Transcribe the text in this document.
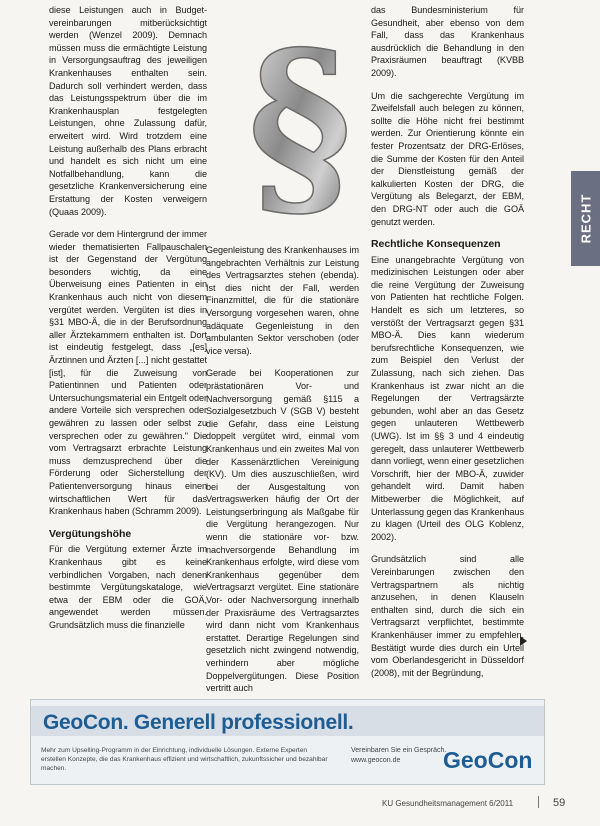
diese Leistungen auch in Budget-vereinbarungen mitberücksichtigt werden (Wenzel 2009). Demnach müssen muss die ermächtigte Leistung in Versorgungsauftrag des jeweiligen Krankenhauses enthalten sein. Dadurch soll verhindert werden, dass das Leistungsspektrum über die im Krankenhausplan festgelegten Leistungen, ohne Zulassung dafür, erweitert wird. Wird trotzdem eine Leistung außerhalb des Plans erbracht und handelt es sich nicht um eine Notfallbehandlung, kann die gesetzliche Krankenversicherung eine Erstattung der Kosten verweigern (Quaas 2009).

Gerade vor dem Hintergrund der immer wieder thematisierten Fallpauschalen ist der Gegenstand der Vergütung besonders wichtig, da eine Überweisung eines Patienten in ein Krankenhaus auch nicht von diesem vergütet werden. Vergüten ist dies in §31 MBO-Ä, die in der Berufsordnung aller Ärztekammern enthalten ist. Dort ist eindeutig festgelegt, dass „[es] Ärztinnen und Ärzten [...] nicht gestattet [ist], für die Zuweisung von Patientinnen und Patienten oder Untersuchungsmaterial ein Entgelt oder andere Vorteile sich versprechen oder gewähren zu lassen oder selbst zu versprechen oder zu gewähren." Die vom Vertragsarzt erbrachte Leistung muss demzusprechend über die Förderung oder Sicherstellung der Patientenversorgung hinaus einen wirtschaftlichen Wert für das Krankenhaus haben (Schramm 2009).

Vergütungshöhe

Für die Vergütung externer Ärzte im Krankenhaus gibt es keine verbindlichen Vorgaben, nach denen bestimmte Vergütungskataloge, wie etwa der EBM oder die GOÄ, angewendet werden müssen. Grundsätzlich muss die finanzielle

§

Gegenleistung des Krankenhauses im angebrachten Verhältnis zur Leistung des Vertragsarztes stehen (ebenda). Ist dies nicht der Fall, werden Finanzmittel, die für die stationäre Versorgung vorgesehen waren, ohne adäquate Gegenleistung in den ambulanten Sektor verschoben (oder vice versa).

Gerade bei Kooperationen zur prästationären Vor- und Nachversorgung gemäß §115 a Sozialgesetzbuch V (SGB V) besteht die Gefahr, dass eine Leistung doppelt vergütet wird, einmal vom Krankenhaus und ein zweites Mal von der Kassenärztlichen Vereinigung (KV). Um dies auszuschließen, wird bei der Ausgestaltung von Vertragswerken häufig der Ort der Leistungserbringung als Maßgabe für die Vergütung herangezogen. Nur wenn die stationäre vor- bzw. nachversorgende Behandlung im Krankenhaus erfolgte, wird diese vom Krankenhaus gegenüber dem Vertragsarzt vergütet. Eine stationäre Vor- oder Nachversorgung innerhalb der Praxisräume des Vertragsarztes wird dann nicht vom Krankenhaus erstattet. Derartige Regelungen sind gesetzlich nicht zwingend notwendig, verhindern aber mögliche Doppelvergütungen. Diese Position vertritt auch

das Bundesministerium für Gesundheit, aber ebenso von dem Fall, dass das Krankenhaus ausdrücklich die Behandlung in den Praxisräumen beauftragt (KVBB 2009).

Um die sachgerechte Vergütung im Zweifelsfall auch belegen zu können, sollte die Höhe nicht frei bestimmt werden. Zur Orientierung könnte ein fester Prozentsatz der DRG-Erlöses, die Summe der Kosten für den Anteil der Dienstleistung gemäß der kalkulierten Kosten der DRG, die Vergütung als Belegarzt, der EBM, den DRG-NT oder auch die GOÄ genutzt werden.

Rechtliche Konsequenzen

Eine unangebrachte Vergütung von medizinischen Leistungen oder aber die reine Vergütung der Zuweisung von Patienten hat rechtliche Folgen. Handelt es sich um letzteres, so verstößt der Vertragsarzt gegen §31 MBO-Ä. Dies kann wiederum berufsrechtliche Konsequenzen, wie zum Beispiel den Verlust der Zulassung, nach sich ziehen. Das Krankenhaus ist zwar nicht an die Regelungen der Vertragsärzte gebunden, wohl aber an das Gesetz gegen unlauteren Wettbewerb (UWG). Ist im §§ 3 und 4 eindeutig geregelt, dass unlauterer Wettbewerb dann vorliegt, wenn einer gesetzlichen Vorschrift, hier der MBO-Ä, zuwider gehandelt wird. Damit haben Mitbewerber die Möglichkeit, auf Unterlassung gegen das Krankenhaus zu klagen (Urteil des OLG Koblenz, 2002).

Grundsätzlich sind alle Vereinbarungen zwischen den Vertragspartnern als nichtig anzusehen, in denen Klauseln enthalten sind, durch die sich ein Vertragsarzt verpflichtet, bestimmte Krankenhäuser immer zu empfehlen. Bestätigt wurde dies durch ein Urteil vom Oberlandesgericht in Düsseldorf (2008), mit der Begründung,

RECHT
GeoCon. Generell professionell.
Mehr zum Upselling-Programm in der Einrichtung, individuelle Lösungen. Externe Experten erstellen Konzepte, die das Krankenhaus effizient und wirtschaftlich, zukunftssicher und bezahlbar machen.
Vereinbaren Sie ein Gespräch.
www.geocon.de	GeoCon
KU Gesundheitsmanagement 6/2011	59
